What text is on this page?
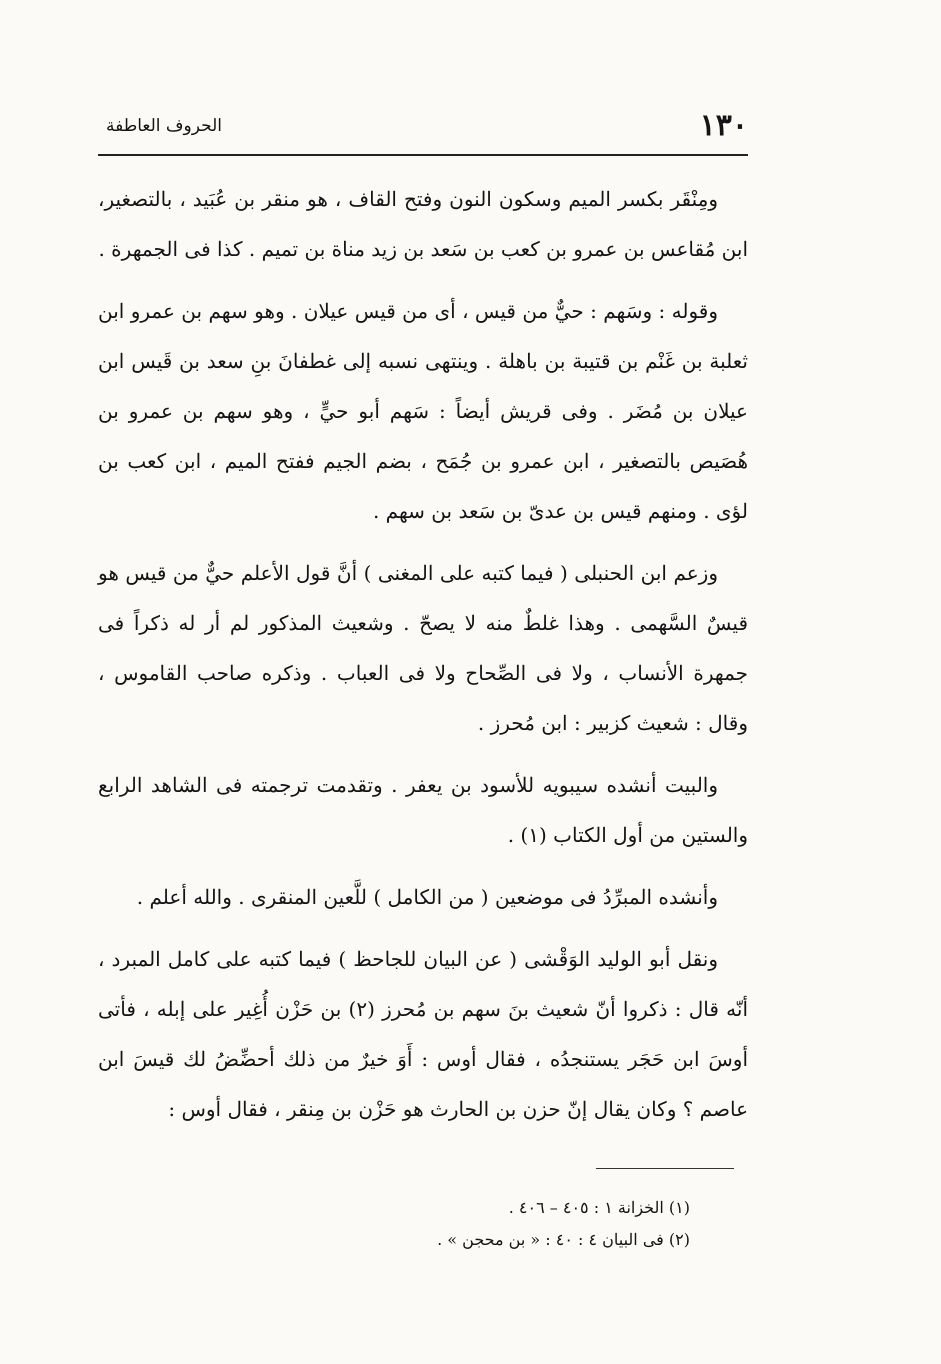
١٣٠
الحروف العاطفة

ومِنْقَر بكسر الميم وسكون النون وفتح القاف ، هو منقر بن عُبَيد ، بالتصغير، ابن مُقاعس بن عمرو بن كعب بن سَعد بن زيد مناة بن تميم . كذا فى الجمهرة .

وقوله : وسَهم : حيٌّ من قيس ، أى من قيس عيلان . وهو سهم بن عمرو ابن ثعلبة بن غَنْم بن قتيبة بن باهلة . وينتهى نسبه إلى غطفانَ بنِ سعد بن قَيس ابن عيلان بن مُضَر . وفى قريش أيضاً : سَهم أبو حيٍّ ، وهو سهم بن عمرو بن هُصَيص بالتصغير ، ابن عمرو بن جُمَح ، بضم الجيم ففتح الميم ، ابن كعب بن لؤى . ومنهم قيس بن عدىّ بن سَعد بن سهم .

وزعم ابن الحنبلى ( فيما كتبه على المغنى ) أنَّ قول الأعلم حيٌّ من قيس هو قيسٌ السَّهمى . وهذا غلطٌ منه لا يصحّ . وشعيث المذكور لم أر له ذكراً فى جمهرة الأنساب ، ولا فى الصِّحاح ولا فى العباب . وذكره صاحب القاموس ، وقال : شعيث كزبير : ابن مُحرز .

والبيت أنشده سيبويه للأسود بن يعفر . وتقدمت ترجمته فى الشاهد الرابع والستين من أول الكتاب (١) .

وأنشده المبرِّدُ فى موضعين ( من الكامل ) للَّعين المنقرى . والله أعلم .

ونقل أبو الوليد الوَقْشى ( عن البيان للجاحظ ) فيما كتبه على كامل المبرد ، أنّه قال : ذكروا أنّ شعيث بنَ سهم بن مُحرز (٢) بن حَزْن أُغِير على إبله ، فأتى أوسَ ابن حَجَر يستنجدُه ، فقال أوس : أَوَ خيرٌ من ذلك أحضِّضُ لك قيسَ ابن عاصم ؟ وكان يقال إنّ حزن بن الحارث هو حَزْن بن مِنقر ، فقال أوس :

(١) الخزانة ١ : ٤٠٥ – ٤٠٦ .

(٢) فى البيان ٤ : ٤٠ : « بن محجن » .
